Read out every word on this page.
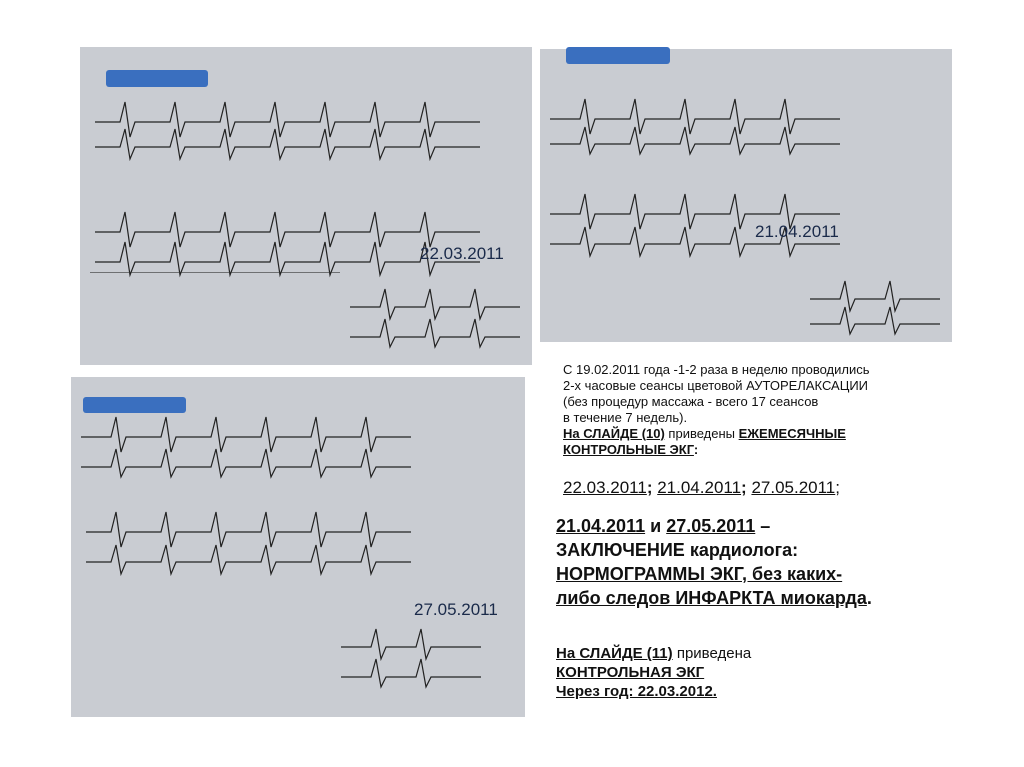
22.03.2011
21.04.2011
27.05.2011
С 19.02.2011 года -1-2 раза в неделю проводились
2-х часовые сеансы цветовой АУТОРЕЛАКСАЦИИ
(без процедур массажа - всего 17 сеансов
в течение 7 недель).
На СЛАЙДЕ (10) приведены ЕЖЕМЕСЯЧНЫЕ
КОНТРОЛЬНЫЕ ЭКГ:
22.03.2011; 21.04.2011; 27.05.2011;
21.04.2011 и 27.05.2011 –
ЗАКЛЮЧЕНИЕ кардиолога:
НОРМОГРАММЫ ЭКГ, без каких-
либо следов ИНФАРКТА миокарда.
На СЛАЙДЕ (11) приведена
КОНТРОЛЬНАЯ ЭКГ
Через год: 22.03.2012.
